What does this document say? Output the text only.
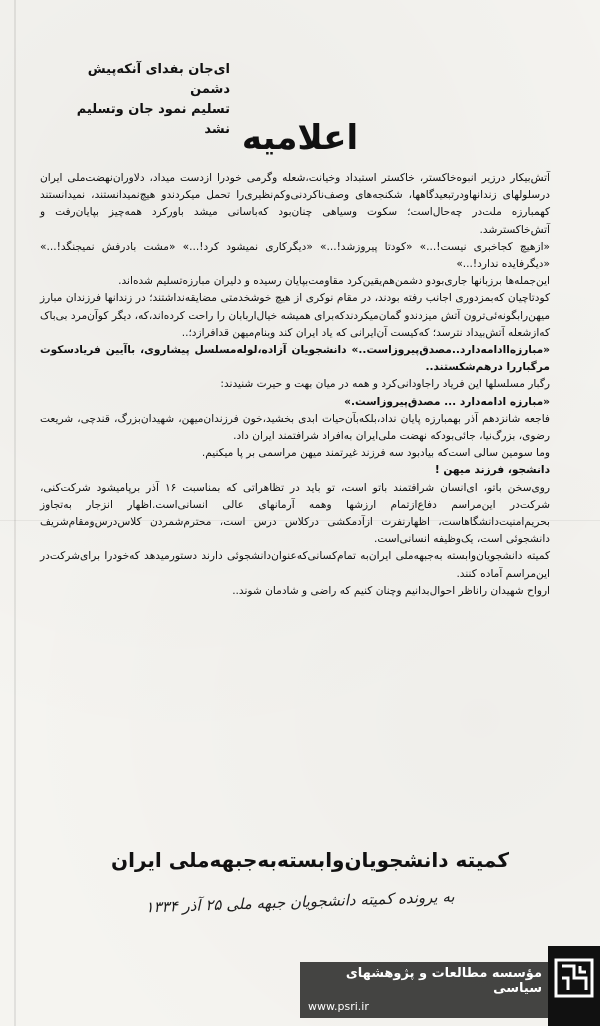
ای‌جان بفدای آنکه‌پیش دشمن
تسلیم نمود جان‌ وتسلیم نشد اعلامیه

آتش‌بیکار درزیر انبوه‌خاکستر، خاکستر استبداد وخیانت،شعله وگرمی خودرا ازدست میداد، دلاوران‌نهضت‌ملی ایران درسلولهای زندانهاودرتبعیدگاهها، شکنجه‌های وصف‌ناکردنی‌وکم‌نظیری‌را تحمل میکردندو هیچ‌نمیدانستند، نمیدانستند کهمبارزه ملت‌در چه‌حال‌است؛ سکوت وسیاهی چنان‌بود که‌باسانی میشد باورکرد همه‌چیز بپایان‌رفت و آتش‌خاکسترشد.

«ازهیچ کجاخبری نیست!...» «کودتا پیروزشد!...» «دیگرکاری نمیشود کرد!...» «مشت بادرفش نمیجنگد!...» «دیگرفایده ندارد!...»

این‌جمله‌ها برزبانها جاری‌بودو دشمن‌هم‌یقین‌کرد مقاومت‌بپایان رسیده و دلیران مبارزه‌تسلیم شده‌اند.

کودتاچیان که‌بمزدوری اجانب رفته بودند، در مقام نوکری از هیچ خوشخدمتی مضایقه‌نداشتند؛ در زندانها فرزندان مبارز میهن‌رابگونه‌ئی‌ترون آتش میزدندو گمان‌میکردندکه‌برای همیشه خیال‌اربابان را راحت کرده‌اند،که، دیگر کوآن‌مرد بی‌باک که‌ازشعله آتش‌بیداد نترسد؛ که‌کیست آن‌ایرانی که یاد ایران کند وبنام‌میهن قدافرازد؛..

«مبارزه‌اادامه‌دارد..مصدق‌پیروزاست..» دانشجویان آزاده،لوله‌مسلسل پیشاروی، باآیین فریادسکوت مرگباررا درهم‌شکستند..

رگبار مسلسلها این فریاد راجاودانی‌کرد و همه در میان بهت و حیرت شنیدند:

«مبارزه ادامه‌دارد ... مصدق‌پیروزاست.»

فاجعه شانزدهم آذر بهمبارزه پایان نداد،بلکه‌بآن‌حیات ابدی بخشید،خون فرزندان‌میهن، شهیدان‌بزرگ، قندچی، شریعت رضوی، بزرگ‌نیا، جائی‌بودکه نهضت ملی‌ایران به‌افراد شرافتمند ایران داد.

وما سومین سالی است‌که بیادبود سه فرزند غیرتمند میهن مراسمی بر پا میکنیم.

دانشجو، فرزند میهن !

روی‌سخن باتو، ای‌انسان شرافتمند باتو است، تو باید در تظاهراتی که بمناسبت ۱۶ آذر برپامیشود شرکت‌کنی، شرکت‌در این‌مراسم دفاع‌ازتمام ارزشها وهمه آرمانهای عالی انسانی‌است.اظهار انزجار به‌تجاوز بحریم‌امنیت‌دانشگاهاست، اظهارنفرت ازآدمکشی درکلاس درس است، محترم‌شمردن کلاس‌درس‌ومقام‌شریف دانشجوئی است، یک‌وظیفه انسانی‌است.

کمیته دانشجویان‌وابسته به‌جبهه‌ملی ایران‌به تمام‌کسانی‌که‌عنوان‌دانشجوئی دارند دستورمیدهد که‌خودرا برای‌شرکت‌در این‌مراسم آماده کنند.

ارواح شهیدان راناظر احوال‌بدانیم وچنان کنیم که راضی و شادمان شوند..

کمیته دانشجویان‌وابسته‌به‌جبهه‌ملی ایران
به یرونده کمیته دانشجویان جبهه ملی ۲۵ آذر ۱۳۳۴
مؤسسه مطالعات و پژوهشهای سیاسی
www.psri.ir
